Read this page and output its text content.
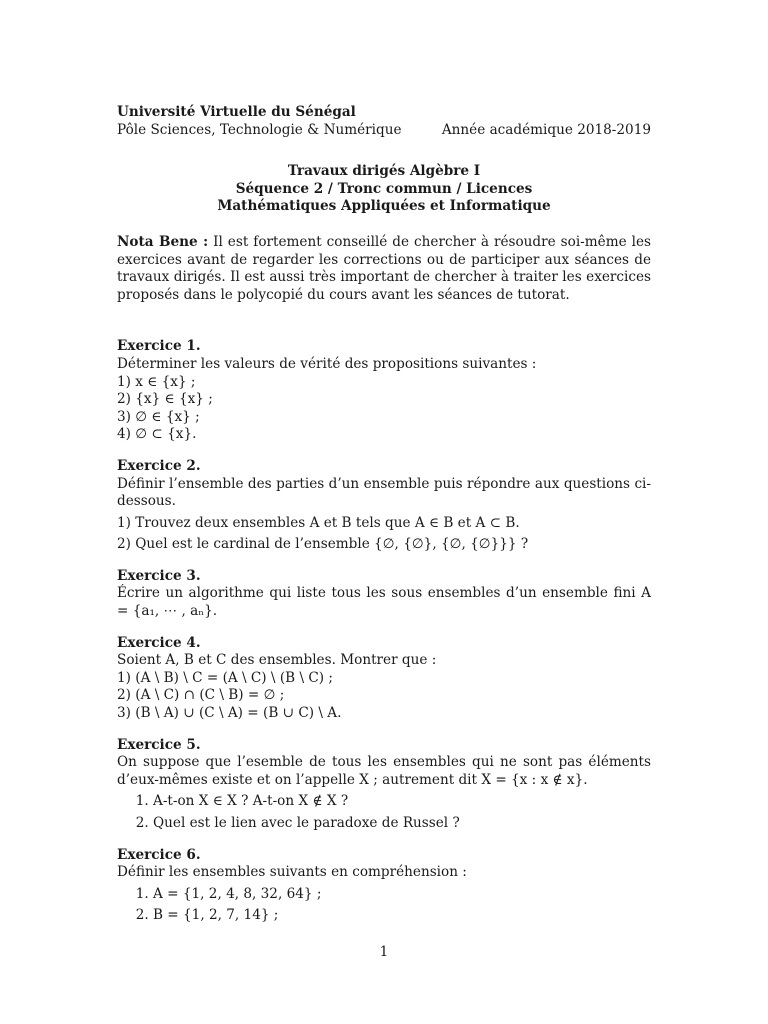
Université Virtuelle du Sénégal
Pôle Sciences, Technologie & Numérique	Année académique 2018-2019
Travaux dirigés Algèbre I
Séquence 2 / Tronc commun / Licences
Mathématiques Appliquées et Informatique
Nota Bene : Il est fortement conseillé de chercher à résoudre soi-même les exercices avant de regarder les corrections ou de participer aux séances de travaux dirigés. Il est aussi très important de chercher à traiter les exercices proposés dans le polycopié du cours avant les séances de tutorat.
Exercice 1.
Déterminer les valeurs de vérité des propositions suivantes :
1) x ∈ {x} ;
2) {x} ∈ {x} ;
3) ∅ ∈ {x} ;
4) ∅ ⊂ {x}.
Exercice 2.
Définir l’ensemble des parties d’un ensemble puis répondre aux questions ci-dessous.
1) Trouvez deux ensembles A et B tels que A ∈ B et A ⊂ B.
2) Quel est le cardinal de l’ensemble {∅, {∅}, {∅, {∅}}} ?
Exercice 3.
Écrire un algorithme qui liste tous les sous ensembles d’un ensemble fini A = {a₁, ⋯ , aₙ}.
Exercice 4.
Soient A, B et C des ensembles. Montrer que :
1) (A \ B) \ C = (A \ C) \ (B \ C) ;
2) (A \ C) ∩ (C \ B) = ∅ ;
3) (B \ A) ∪ (C \ A) = (B ∪ C) \ A.
Exercice 5.
On suppose que l’esemble de tous les ensembles qui ne sont pas éléments d’eux-mêmes existe et on l’appelle X ; autrement dit X = {x : x ∉ x}.
1. A-t-on X ∈ X ? A-t-on X ∉ X ?
2. Quel est le lien avec le paradoxe de Russel ?
Exercice 6.
Définir les ensembles suivants en compréhension :
1. A = {1, 2, 4, 8, 32, 64} ;
2. B = {1, 2, 7, 14} ;
1
